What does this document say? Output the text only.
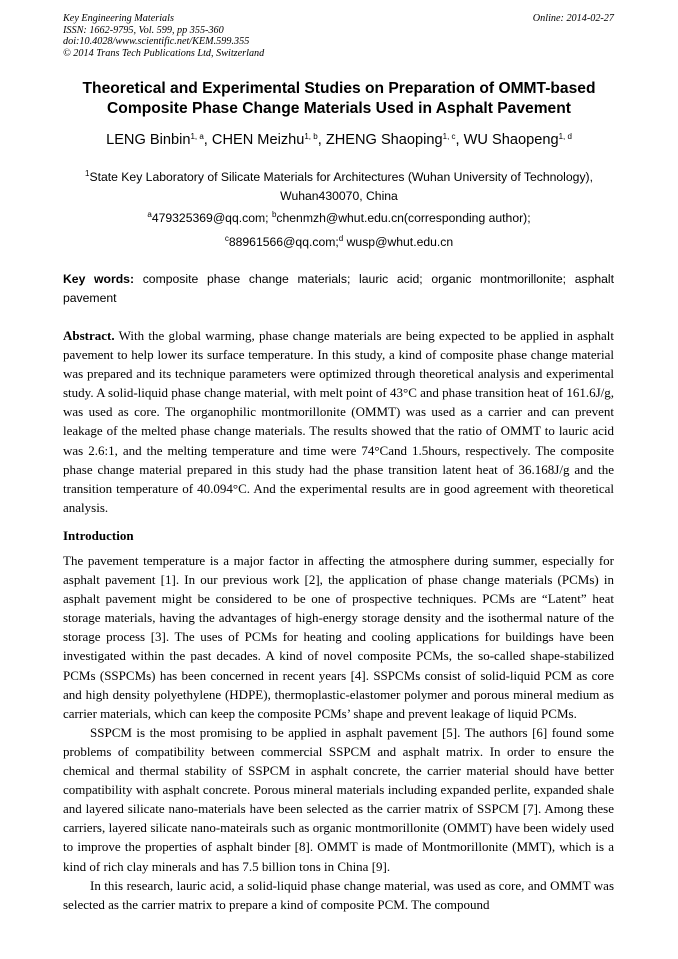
Key Engineering Materials
ISSN: 1662-9795, Vol. 599, pp 355-360
doi:10.4028/www.scientific.net/KEM.599.355
© 2014 Trans Tech Publications Ltd, Switzerland
Online: 2014-02-27
Theoretical and Experimental Studies on Preparation of OMMT-based
Composite Phase Change Materials Used in Asphalt Pavement
LENG Binbin$^{1, a}$, CHEN Meizhu$^{1, b}$, ZHENG Shaoping$^{1, c}$, WU Shaopeng$^{1, d}$
$^1$State Key Laboratory of Silicate Materials for Architectures (Wuhan University of Technology),
Wuhan430070, China
$^a$479325369@qq.com; $^b$chenmzh@whut.edu.cn(corresponding author);
$^c$88961566@qq.com;$^d$ wusp@whut.edu.cn
Key words: composite phase change materials; lauric acid; organic montmorillonite; asphalt pavement
Abstract. With the global warming, phase change materials are being expected to be applied in asphalt pavement to help lower its surface temperature. In this study, a kind of composite phase change material was prepared and its technique parameters were optimized through theoretical analysis and experimental study. A solid-liquid phase change material, with melt point of 43°C and phase transition heat of 161.6J/g, was used as core. The organophilic montmorillonite (OMMT) was used as a carrier and can prevent leakage of the melted phase change materials. The results showed that the ratio of OMMT to lauric acid was 2.6:1, and the melting temperature and time were 74°Cand 1.5hours, respectively. The composite phase change material prepared in this study had the phase transition latent heat of 36.168J/g and the transition temperature of 40.094°C. And the experimental results are in good agreement with theoretical analysis.
Introduction

The pavement temperature is a major factor in affecting the atmosphere during summer, especially for asphalt pavement [1]. In our previous work [2], the application of phase change materials (PCMs) in asphalt pavement might be considered to be one of prospective techniques. PCMs are “Latent” heat storage materials, having the advantages of high-energy storage density and the isothermal nature of the storage process [3]. The uses of PCMs for heating and cooling applications for buildings have been investigated within the past decades. A kind of novel composite PCMs, the so-called shape-stabilized PCMs (SSPCMs) has been concerned in recent years [4]. SSPCMs consist of solid-liquid PCM as core and high density polyethylene (HDPE), thermoplastic-elastomer polymer and porous mineral medium as carrier materials, which can keep the composite PCMs’ shape and prevent leakage of liquid PCMs.

SSPCM is the most promising to be applied in asphalt pavement [5]. The authors [6] found some problems of compatibility between commercial SSPCM and asphalt matrix. In order to ensure the chemical and thermal stability of SSPCM in asphalt concrete, the carrier material should have better compatibility with asphalt concrete. Porous mineral materials including expanded perlite, expanded shale and layered silicate nano-materials have been selected as the carrier matrix of SSPCM [7]. Among these carriers, layered silicate nano-mateirals such as organic montmorillonite (OMMT) have been widely used to improve the properties of asphalt binder [8]. OMMT is made of Montmorillonite (MMT), which is a kind of rich clay minerals and has 7.5 billion tons in China [9].

In this research, lauric acid, a solid-liquid phase change material, was used as core, and OMMT was selected as the carrier matrix to prepare a kind of composite PCM. The compound
